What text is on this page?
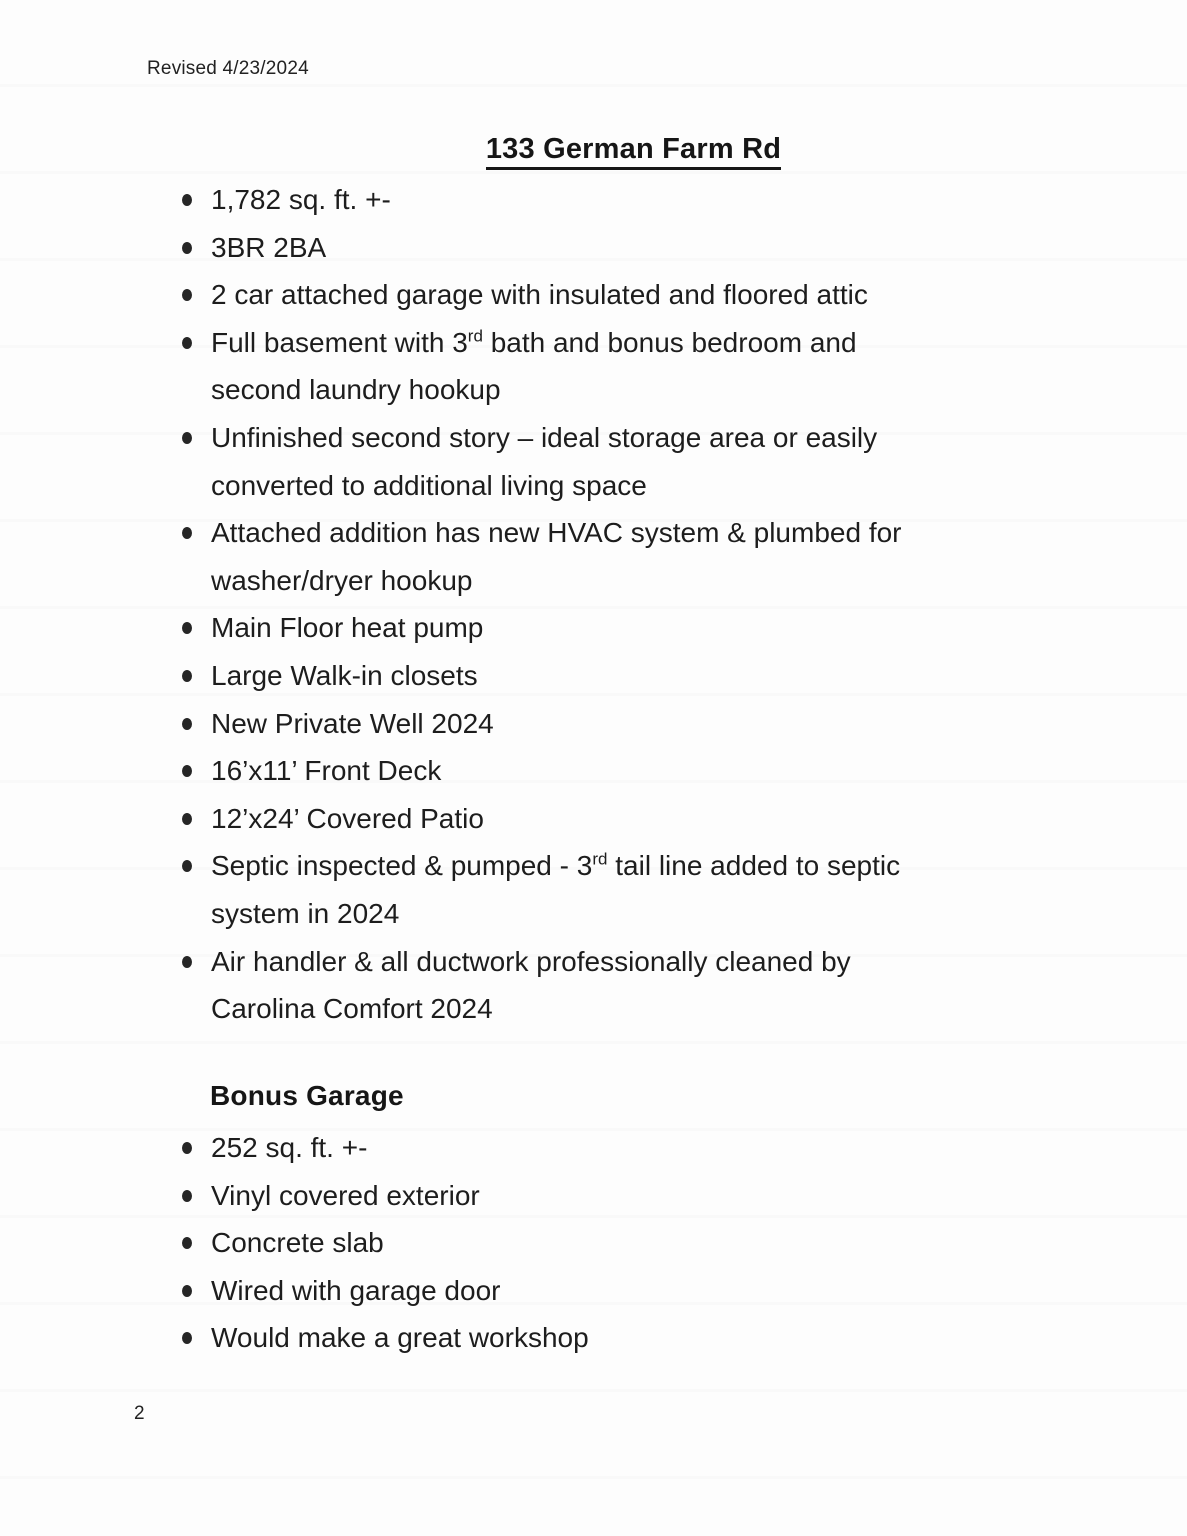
Revised 4/23/2024
133 German Farm Rd
1,782 sq. ft. +-
3BR 2BA
2 car attached garage with insulated and floored attic
Full basement with 3rd bath and bonus bedroom and
second laundry hookup
Unfinished second story – ideal storage area or easily
converted to additional living space
Attached addition has new HVAC system & plumbed for
washer/dryer hookup
Main Floor heat pump
Large Walk-in closets
New Private Well 2024
16’x11’ Front Deck
12’x24’ Covered Patio
Septic inspected & pumped - 3rd tail line added to septic
system in 2024
Air handler & all ductwork professionally cleaned by
Carolina Comfort 2024
Bonus Garage
252 sq. ft. +-
Vinyl covered exterior
Concrete slab
Wired with garage door
Would make a great workshop
2
